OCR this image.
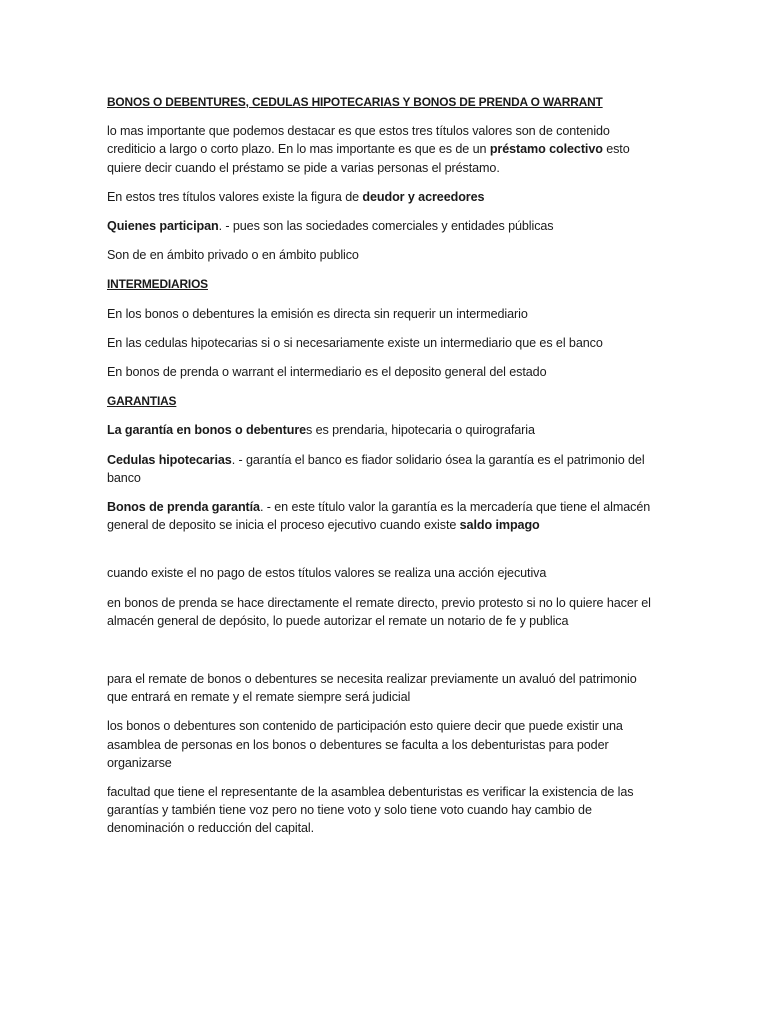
BONOS O DEBENTURES, CEDULAS HIPOTECARIAS Y BONOS DE PRENDA O WARRANT

lo mas importante que podemos destacar es que estos tres títulos valores son de contenido crediticio a largo o corto plazo. En lo mas importante es que es de un préstamo colectivo esto quiere decir cuando el préstamo se pide a varias personas el préstamo.

En estos tres títulos valores existe la figura de deudor y acreedores

Quienes participan. - pues son las sociedades comerciales y entidades públicas

Son de en ámbito privado o en ámbito publico

INTERMEDIARIOS

En los bonos o debentures la emisión es directa sin requerir un intermediario

En las cedulas hipotecarias si o si necesariamente existe un intermediario que es el banco

En bonos de prenda o warrant el intermediario es el deposito general del estado

GARANTIAS

La garantía en bonos o debentures es prendaria, hipotecaria o quirografaria

Cedulas hipotecarias. - garantía el banco es fiador solidario ósea la garantía es el patrimonio del banco

Bonos de prenda garantía. - en este título valor la garantía es la mercadería que tiene el almacén general de deposito se inicia el proceso ejecutivo cuando existe saldo impago

cuando existe el no pago de estos títulos valores se realiza una acción ejecutiva

en bonos de prenda se hace directamente el remate directo, previo protesto si no lo quiere hacer el almacén general de depósito, lo puede autorizar el remate un notario de fe y publica

para el remate de bonos o debentures se necesita realizar previamente un avaluó del patrimonio que entrará en remate y el remate siempre será judicial

los bonos o debentures son contenido de participación esto quiere decir que puede existir una asamblea de personas en los bonos o debentures se faculta a los debenturistas para poder organizarse

facultad que tiene el representante de la asamblea debenturistas es verificar la existencia de las garantías y también tiene voz pero no tiene voto y solo tiene voto cuando hay cambio de denominación o reducción del capital.
